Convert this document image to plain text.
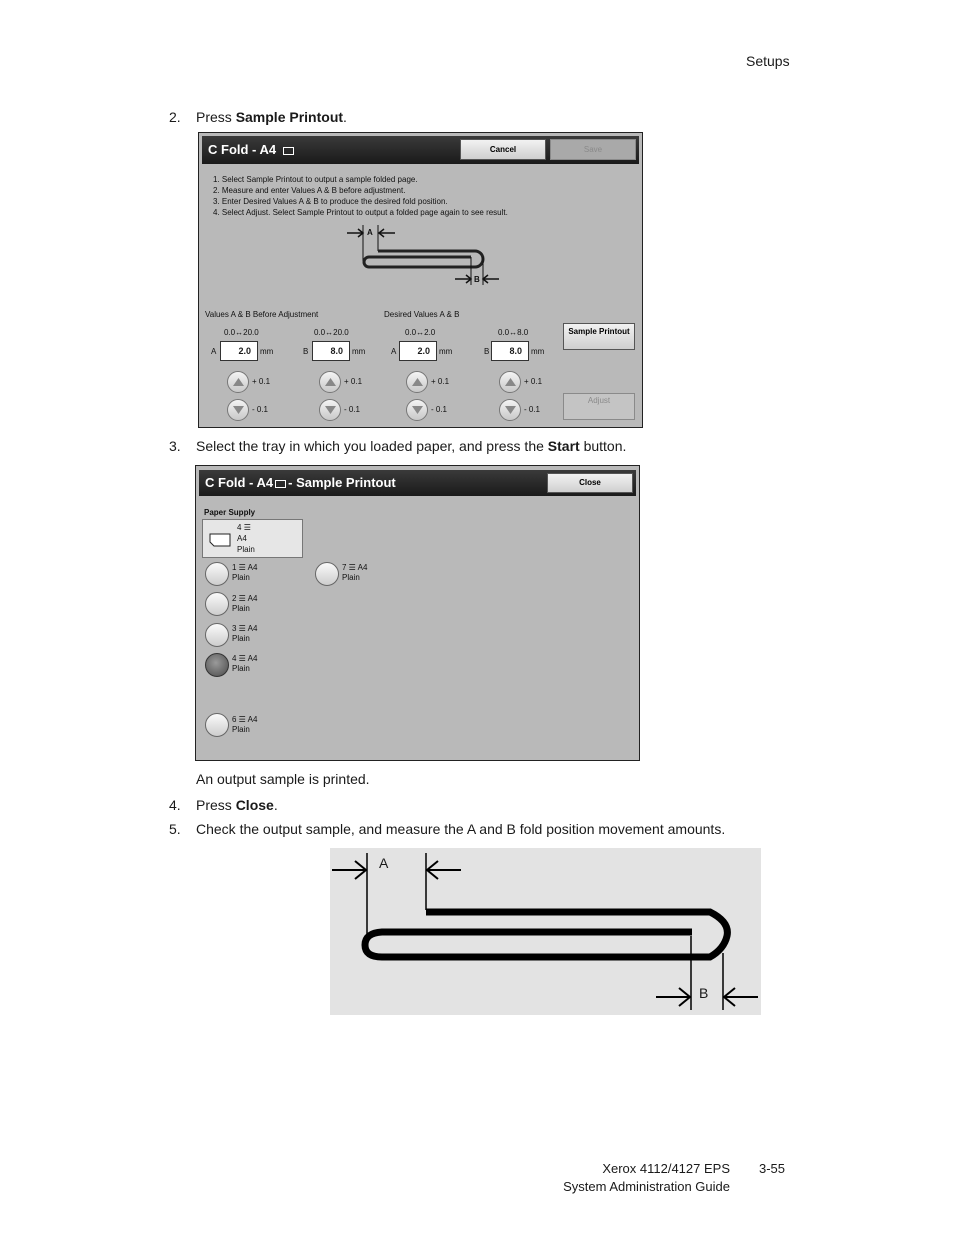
Setups
2. Press Sample Printout.
C Fold - A4	Cancel	Save
1. Select Sample Printout to output a sample folded page.
2. Measure and enter Values A & B before adjustment.
3. Enter Desired Values A & B to produce the desired fold position.
4. Select Adjust. Select Sample Printout to output a folded page again to see result.
A
B
Values A & B Before Adjustment	Desired Values A & B
0.0↔20.0
A	2.0	mm
0.0↔20.0
B	8.0	mm
0.0↔2.0
A	2.0	mm
0.0↔8.0
B	8.0	mm
+ 0.1
- 0.1
+ 0.1
- 0.1
+ 0.1
- 0.1
+ 0.1
- 0.1
Sample Printout
Adjust
3. Select the tray in which you loaded paper, and press the Start button.
C Fold - A4 - Sample Printout	Close
Paper Supply
4 ☰
A4
Plain
1 ☰ A4
Plain
2 ☰ A4
Plain
3 ☰ A4
Plain
4 ☰ A4
Plain
6 ☰ A4
Plain
7 ☰ A4
Plain
An output sample is printed.
4. Press Close.
5. Check the output sample, and measure the A and B fold position movement amounts.
A
B
Xerox 4112/4127 EPS 3-55
System Administration Guide
